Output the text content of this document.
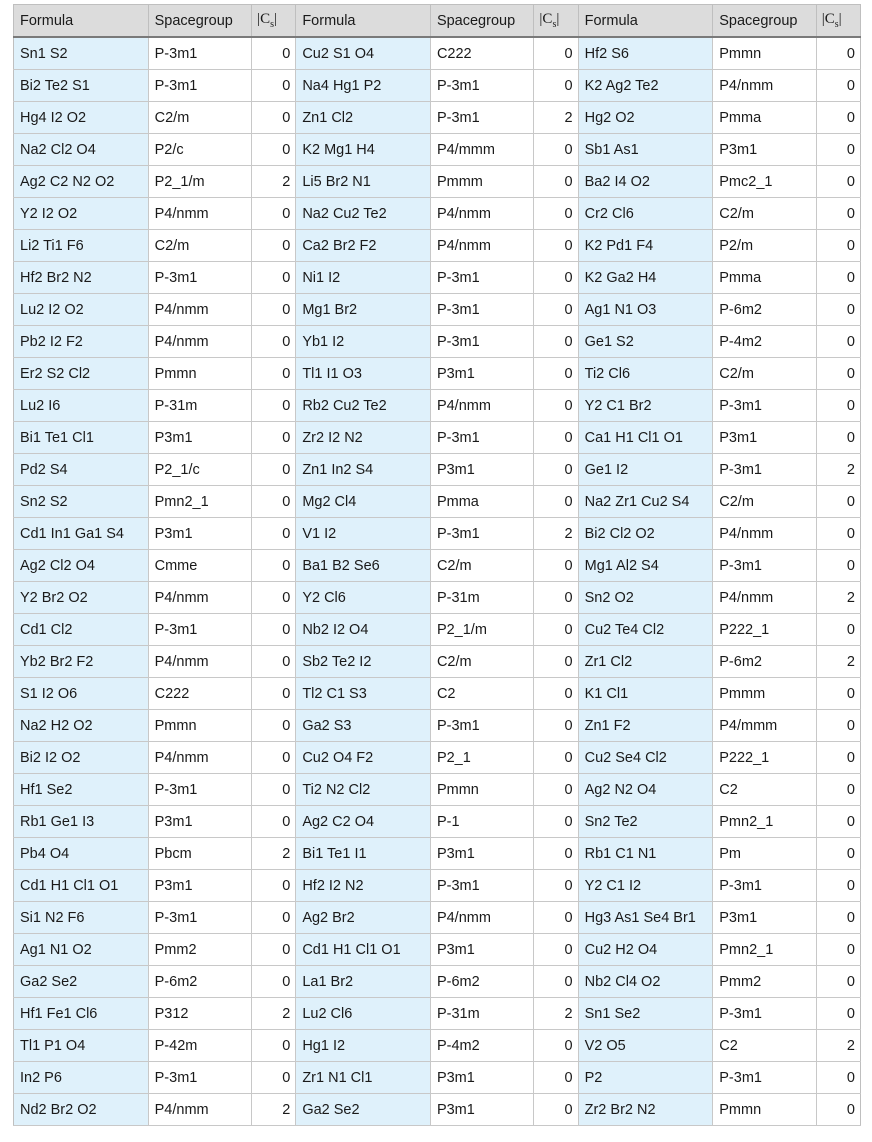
Formula	Spacegroup	$|C_s|$	Formula	Spacegroup	$|C_s|$	Formula	Spacegroup	$|C_s|$
Sn1 S2	P-3m1	0	Cu2 S1 O4	C222	0	Hf2 S6	Pmmn	0
Bi2 Te2 S1	P-3m1	0	Na4 Hg1 P2	P-3m1	0	K2 Ag2 Te2	P4/nmm	0
Hg4 I2 O2	C2/m	0	Zn1 Cl2	P-3m1	2	Hg2 O2	Pmma	0
Na2 Cl2 O4	P2/c	0	K2 Mg1 H4	P4/mmm	0	Sb1 As1	P3m1	0
Ag2 C2 N2 O2	P2_1/m	2	Li5 Br2 N1	Pmmm	0	Ba2 I4 O2	Pmc2_1	0
Y2 I2 O2	P4/nmm	0	Na2 Cu2 Te2	P4/nmm	0	Cr2 Cl6	C2/m	0
Li2 Ti1 F6	C2/m	0	Ca2 Br2 F2	P4/nmm	0	K2 Pd1 F4	P2/m	0
Hf2 Br2 N2	P-3m1	0	Ni1 I2	P-3m1	0	K2 Ga2 H4	Pmma	0
Lu2 I2 O2	P4/nmm	0	Mg1 Br2	P-3m1	0	Ag1 N1 O3	P-6m2	0
Pb2 I2 F2	P4/nmm	0	Yb1 I2	P-3m1	0	Ge1 S2	P-4m2	0
Er2 S2 Cl2	Pmmn	0	Tl1 I1 O3	P3m1	0	Ti2 Cl6	C2/m	0
Lu2 I6	P-31m	0	Rb2 Cu2 Te2	P4/nmm	0	Y2 C1 Br2	P-3m1	0
Bi1 Te1 Cl1	P3m1	0	Zr2 I2 N2	P-3m1	0	Ca1 H1 Cl1 O1	P3m1	0
Pd2 S4	P2_1/c	0	Zn1 In2 S4	P3m1	0	Ge1 I2	P-3m1	2
Sn2 S2	Pmn2_1	0	Mg2 Cl4	Pmma	0	Na2 Zr1 Cu2 S4	C2/m	0
Cd1 In1 Ga1 S4	P3m1	0	V1 I2	P-3m1	2	Bi2 Cl2 O2	P4/nmm	0
Ag2 Cl2 O4	Cmme	0	Ba1 B2 Se6	C2/m	0	Mg1 Al2 S4	P-3m1	0
Y2 Br2 O2	P4/nmm	0	Y2 Cl6	P-31m	0	Sn2 O2	P4/nmm	2
Cd1 Cl2	P-3m1	0	Nb2 I2 O4	P2_1/m	0	Cu2 Te4 Cl2	P222_1	0
Yb2 Br2 F2	P4/nmm	0	Sb2 Te2 I2	C2/m	0	Zr1 Cl2	P-6m2	2
S1 I2 O6	C222	0	Tl2 C1 S3	C2	0	K1 Cl1	Pmmm	0
Na2 H2 O2	Pmmn	0	Ga2 S3	P-3m1	0	Zn1 F2	P4/mmm	0
Bi2 I2 O2	P4/nmm	0	Cu2 O4 F2	P2_1	0	Cu2 Se4 Cl2	P222_1	0
Hf1 Se2	P-3m1	0	Ti2 N2 Cl2	Pmmn	0	Ag2 N2 O4	C2	0
Rb1 Ge1 I3	P3m1	0	Ag2 C2 O4	P-1	0	Sn2 Te2	Pmn2_1	0
Pb4 O4	Pbcm	2	Bi1 Te1 I1	P3m1	0	Rb1 C1 N1	Pm	0
Cd1 H1 Cl1 O1	P3m1	0	Hf2 I2 N2	P-3m1	0	Y2 C1 I2	P-3m1	0
Si1 N2 F6	P-3m1	0	Ag2 Br2	P4/nmm	0	Hg3 As1 Se4 Br1	P3m1	0
Ag1 N1 O2	Pmm2	0	Cd1 H1 Cl1 O1	P3m1	0	Cu2 H2 O4	Pmn2_1	0
Ga2 Se2	P-6m2	0	La1 Br2	P-6m2	0	Nb2 Cl4 O2	Pmm2	0
Hf1 Fe1 Cl6	P312	2	Lu2 Cl6	P-31m	2	Sn1 Se2	P-3m1	0
Tl1 P1 O4	P-42m	0	Hg1 I2	P-4m2	0	V2 O5	C2	2
In2 P6	P-3m1	0	Zr1 N1 Cl1	P3m1	0	P2	P-3m1	0
Nd2 Br2 O2	P4/nmm	2	Ga2 Se2	P3m1	0	Zr2 Br2 N2	Pmmn	0
